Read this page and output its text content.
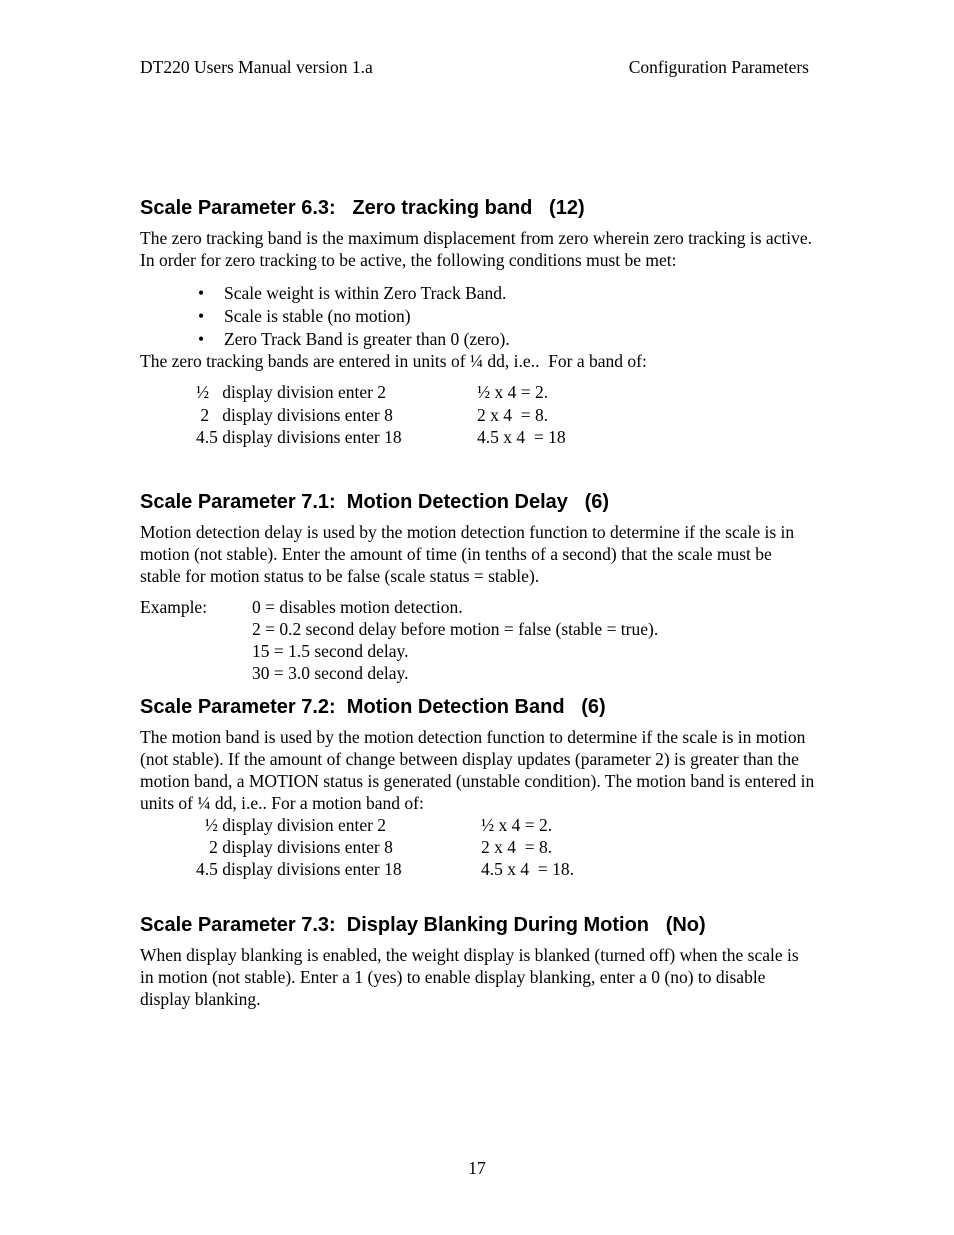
DT220 Users Manual version 1.a	Configuration Parameters
Scale Parameter 6.3:   Zero tracking band   (12)
The zero tracking band is the maximum displacement from zero wherein zero tracking is active. In order for zero tracking to be active, the following conditions must be met:
• Scale weight is within Zero Track Band.
• Scale is stable (no motion)
• Zero Track Band is greater than 0 (zero).
The zero tracking bands are entered in units of ¼ dd, i.e..  For a band of:
½   display division enter 2	½ x 4 = 2.
2   display divisions enter 8	2 x 4  = 8.
4.5 display divisions enter 18	4.5 x 4  = 18
Scale Parameter 7.1:  Motion Detection Delay   (6)
Motion detection delay is used by the motion detection function to determine if the scale is in motion (not stable). Enter the amount of time (in tenths of a second) that the scale must be stable for motion status to be false (scale status = stable).
Example:	0 = disables motion detection.
2 = 0.2 second delay before motion = false (stable = true).
15 = 1.5 second delay.
30 = 3.0 second delay.
Scale Parameter 7.2:  Motion Detection Band   (6)
The motion band is used by the motion detection function to determine if the scale is in motion (not stable). If the amount of change between display updates (parameter 2) is greater than the motion band, a MOTION status is generated (unstable condition). The motion band is entered in units of ¼ dd, i.e.. For a motion band of:
½ display division enter 2	½ x 4 = 2.
2 display divisions enter 8	2 x 4  = 8.
4.5 display divisions enter 18	4.5 x 4  = 18.
Scale Parameter 7.3:  Display Blanking During Motion   (No)
When display blanking is enabled, the weight display is blanked (turned off) when the scale is in motion (not stable). Enter a 1 (yes) to enable display blanking, enter a 0 (no) to disable display blanking.
17
